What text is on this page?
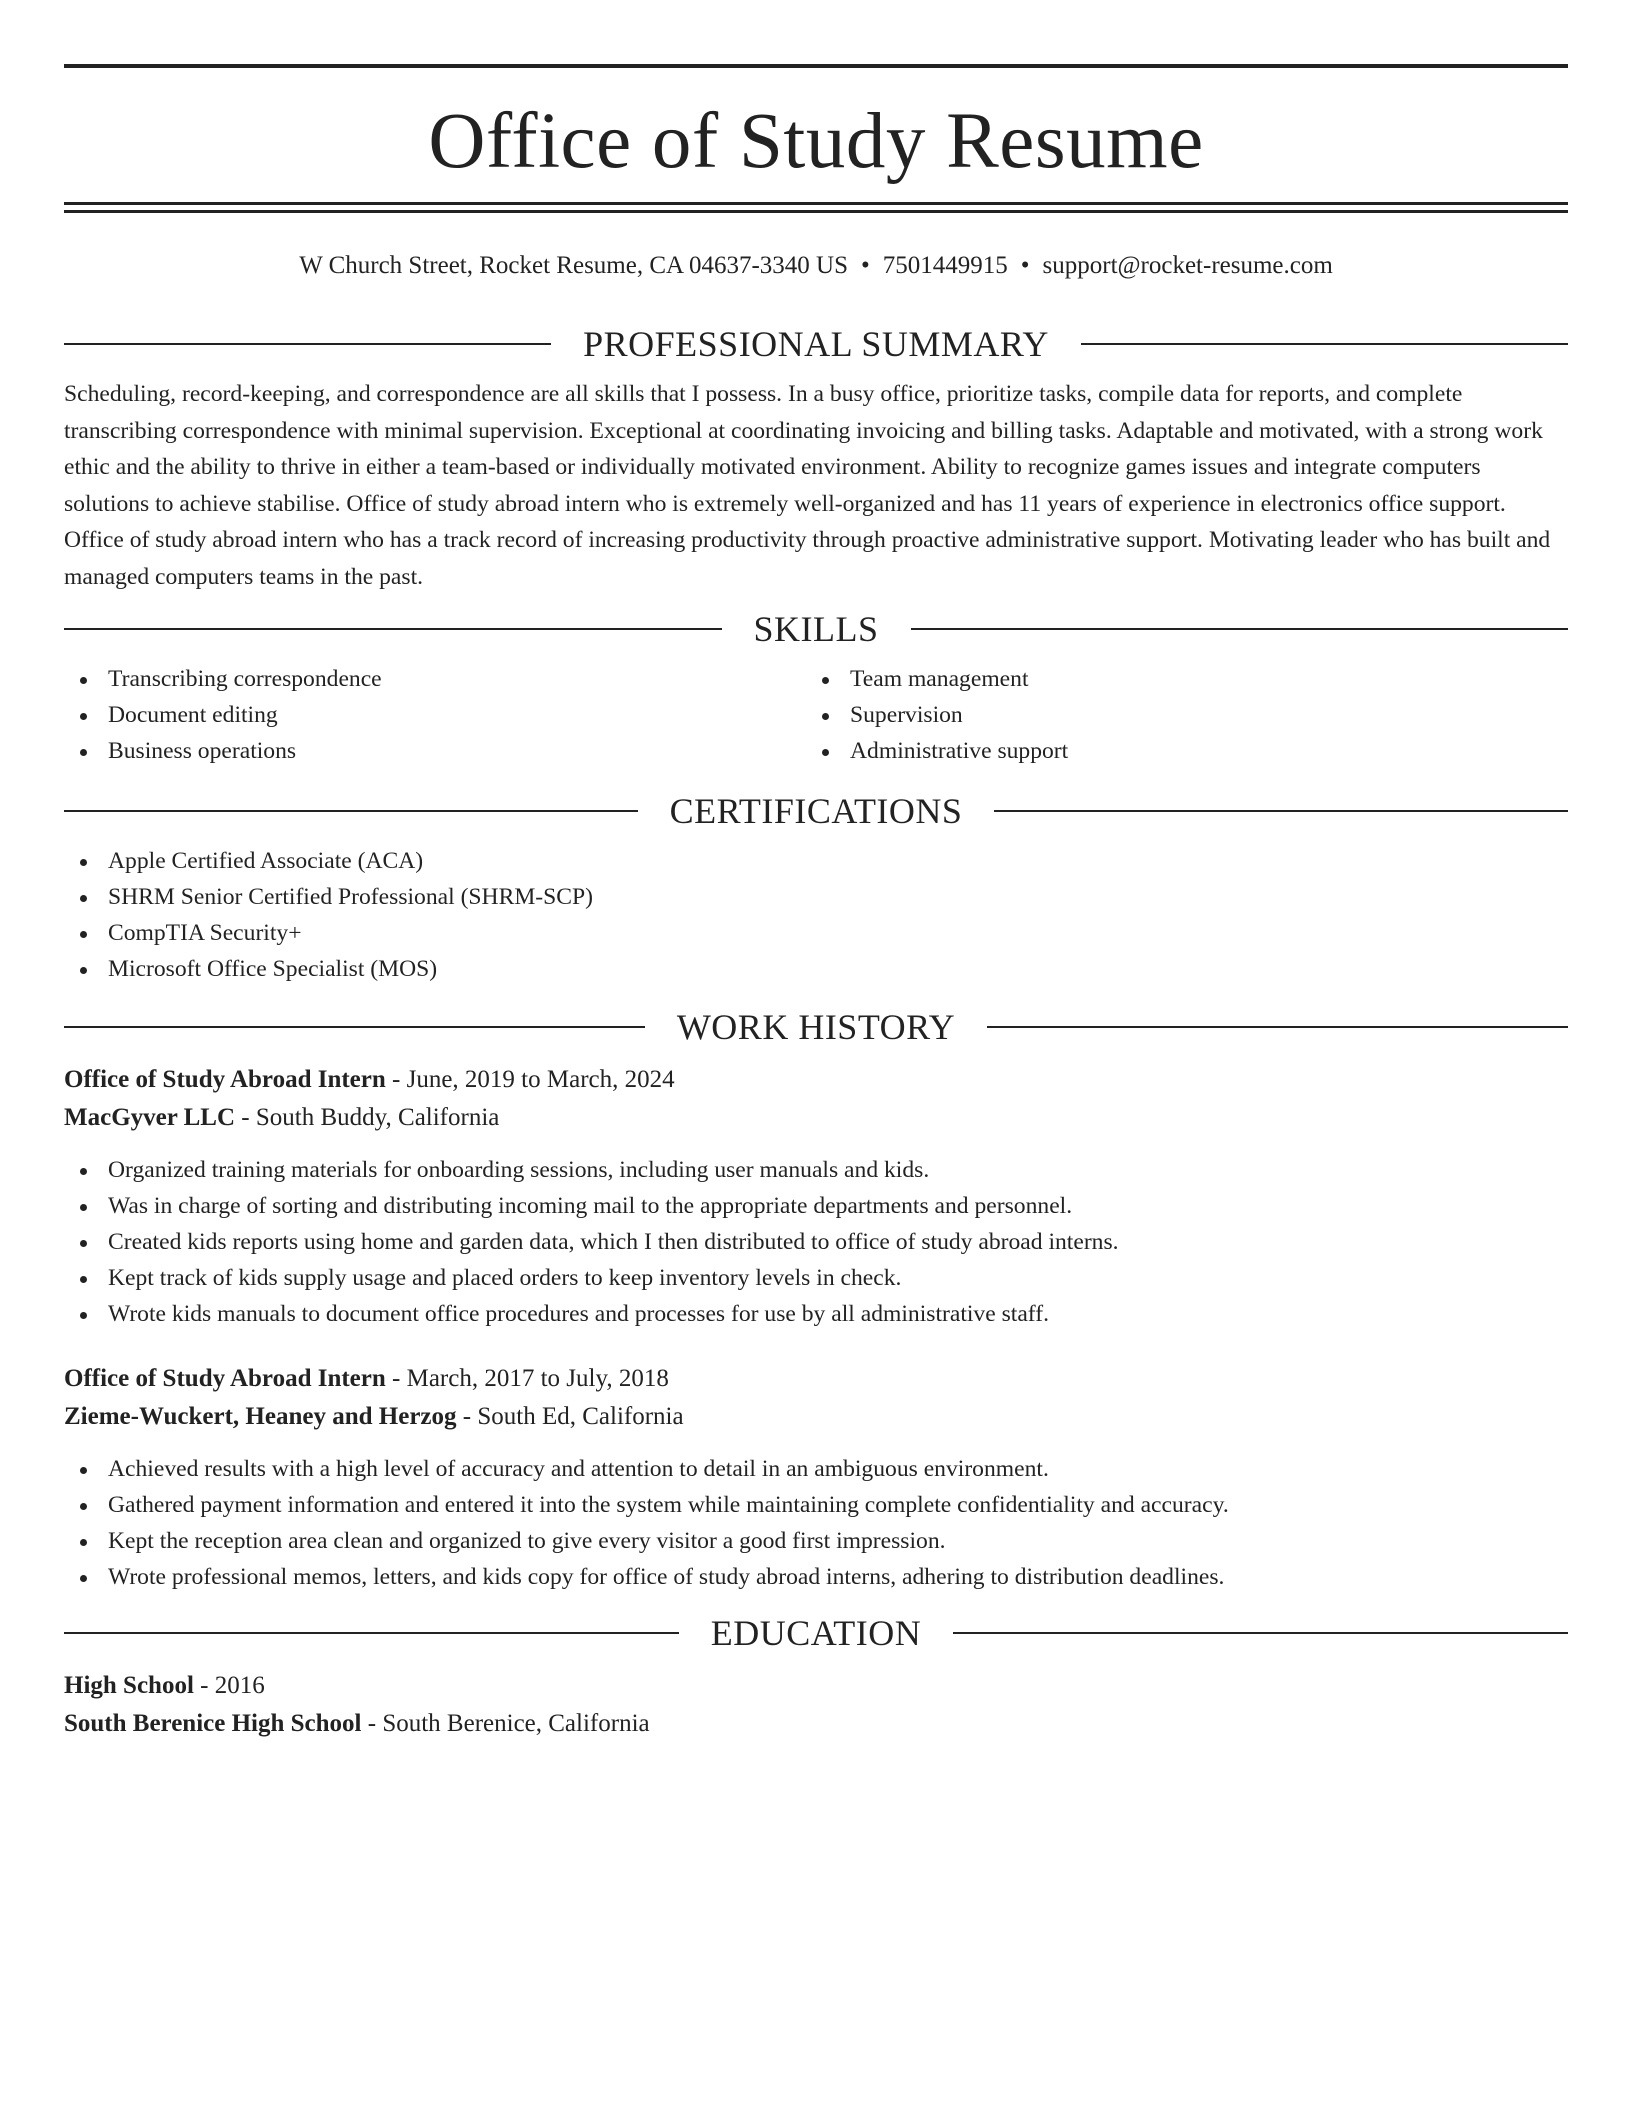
Office of Study Resume
W Church Street, Rocket Resume, CA 04637-3340 US • 7501449915 • support@rocket-resume.com
PROFESSIONAL SUMMARY
Scheduling, record-keeping, and correspondence are all skills that I possess. In a busy office, prioritize tasks, compile data for reports, and complete transcribing correspondence with minimal supervision. Exceptional at coordinating invoicing and billing tasks. Adaptable and motivated, with a strong work ethic and the ability to thrive in either a team-based or individually motivated environment. Ability to recognize games issues and integrate computers solutions to achieve stabilise. Office of study abroad intern who is extremely well-organized and has 11 years of experience in electronics office support. Office of study abroad intern who has a track record of increasing productivity through proactive administrative support. Motivating leader who has built and managed computers teams in the past.
SKILLS
Transcribing correspondence
Document editing
Business operations
Team management
Supervision
Administrative support
CERTIFICATIONS
Apple Certified Associate (ACA)
SHRM Senior Certified Professional (SHRM-SCP)
CompTIA Security+
Microsoft Office Specialist (MOS)
WORK HISTORY
Office of Study Abroad Intern - June, 2019 to March, 2024
MacGyver LLC - South Buddy, California
Organized training materials for onboarding sessions, including user manuals and kids.
Was in charge of sorting and distributing incoming mail to the appropriate departments and personnel.
Created kids reports using home and garden data, which I then distributed to office of study abroad interns.
Kept track of kids supply usage and placed orders to keep inventory levels in check.
Wrote kids manuals to document office procedures and processes for use by all administrative staff.
Office of Study Abroad Intern - March, 2017 to July, 2018
Zieme-Wuckert, Heaney and Herzog - South Ed, California
Achieved results with a high level of accuracy and attention to detail in an ambiguous environment.
Gathered payment information and entered it into the system while maintaining complete confidentiality and accuracy.
Kept the reception area clean and organized to give every visitor a good first impression.
Wrote professional memos, letters, and kids copy for office of study abroad interns, adhering to distribution deadlines.
EDUCATION
High School - 2016
South Berenice High School - South Berenice, California
